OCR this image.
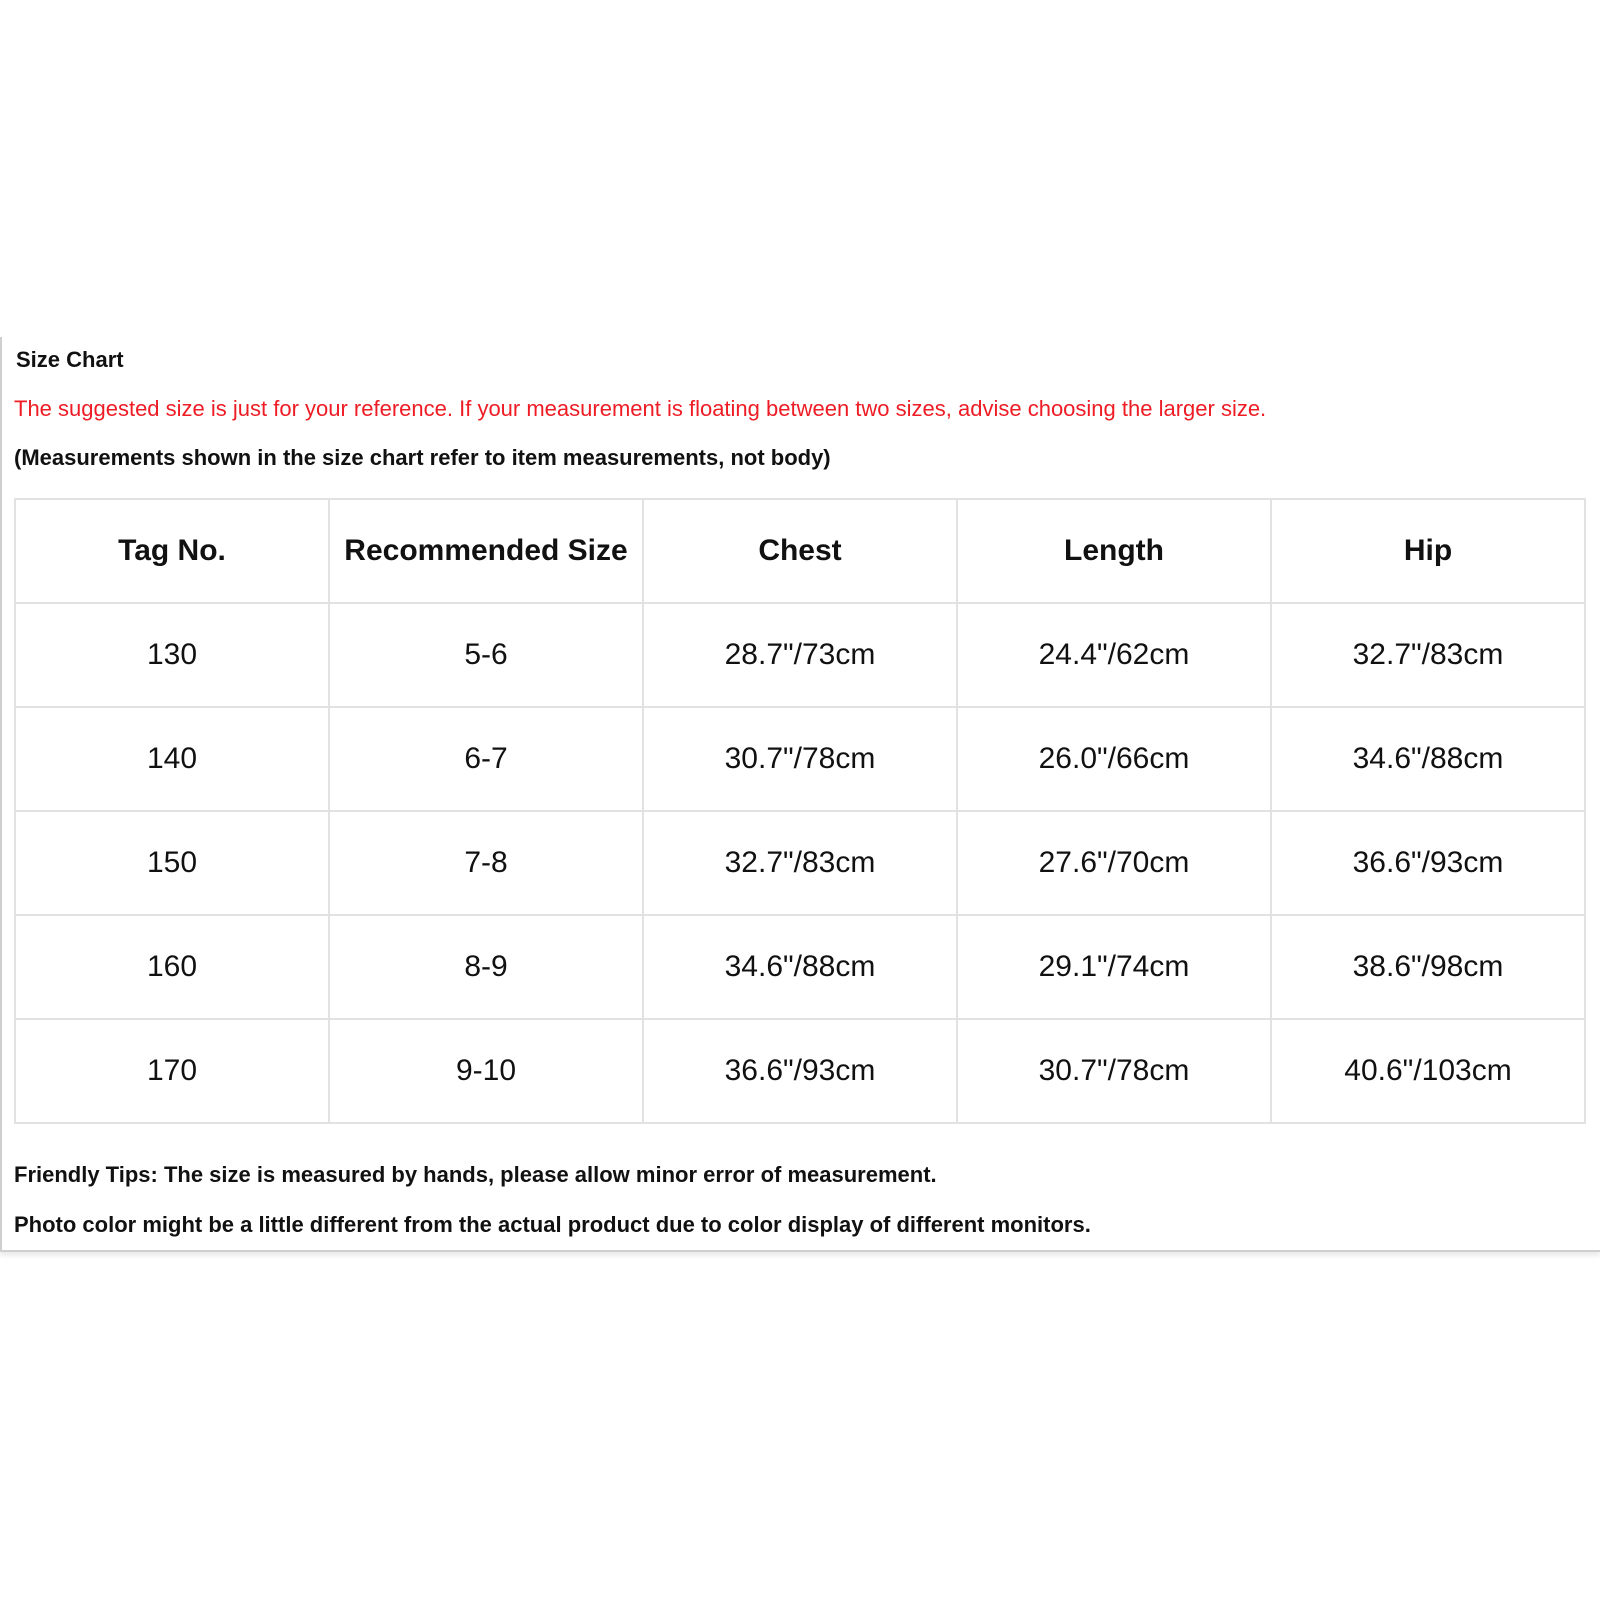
Size Chart
The suggested size is just for your reference. If your measurement is floating between two sizes, advise choosing the larger size.
(Measurements shown in the size chart refer to item measurements, not body)
Tag No.	Recommended Size	Chest	Length	Hip
130	5-6	28.7"/73cm	24.4"/62cm	32.7"/83cm
140	6-7	30.7"/78cm	26.0"/66cm	34.6"/88cm
150	7-8	32.7"/83cm	27.6"/70cm	36.6"/93cm
160	8-9	34.6"/88cm	29.1"/74cm	38.6"/98cm
170	9-10	36.6"/93cm	30.7"/78cm	40.6"/103cm
Friendly Tips: The size is measured by hands, please allow minor error of measurement.
Photo color might be a little different from the actual product due to color display of different monitors.
